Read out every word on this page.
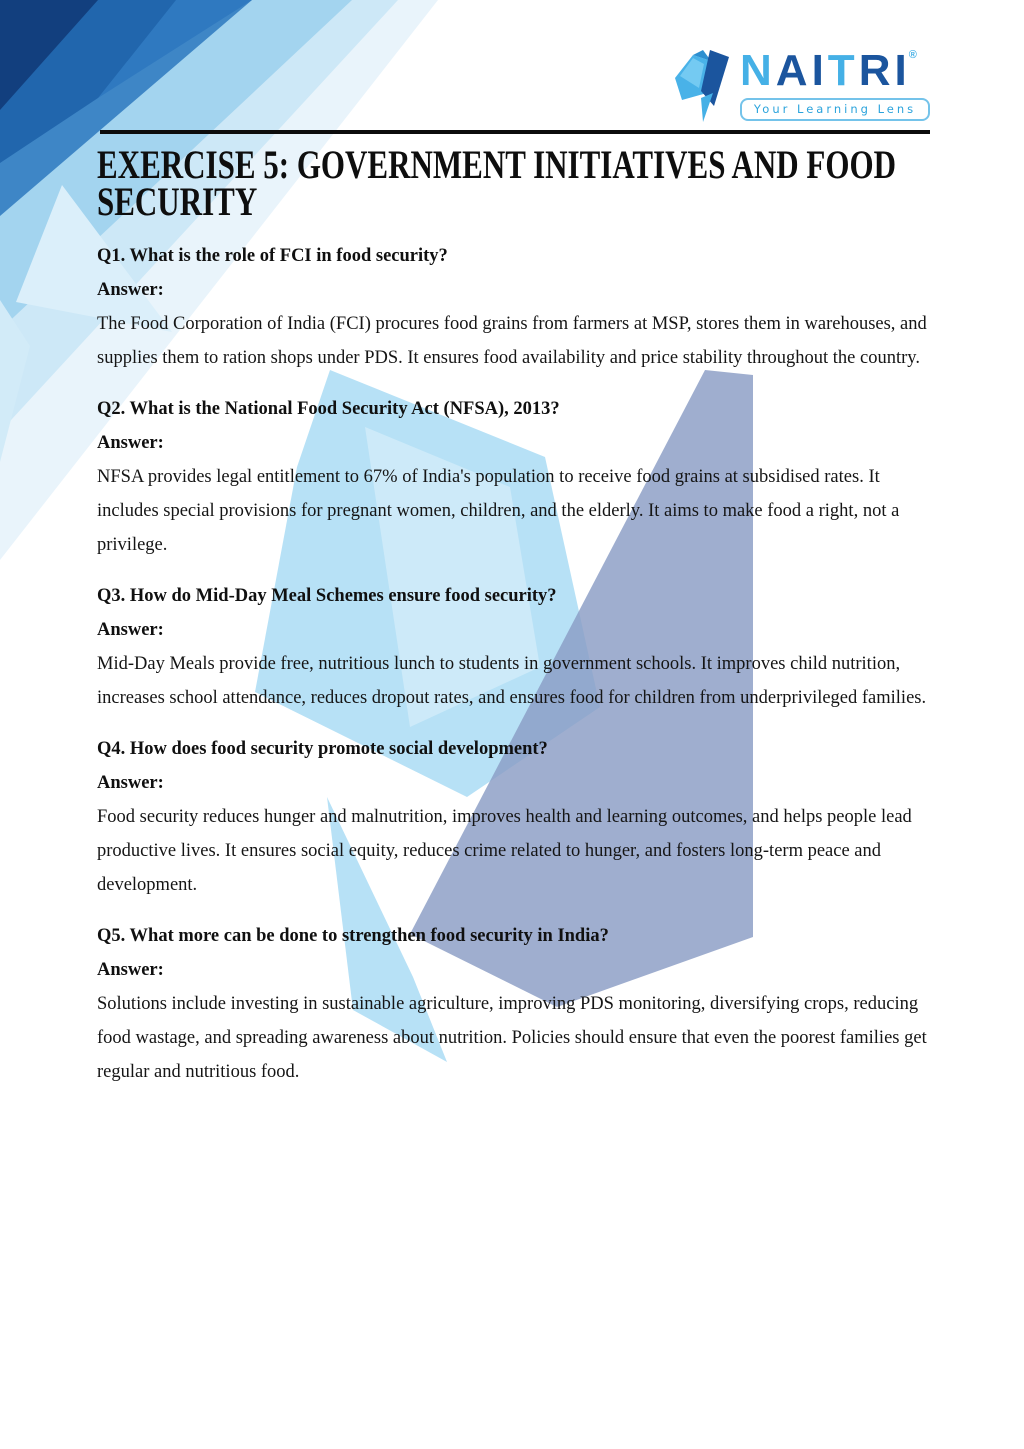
NAITRI
®
Your Learning Lens
EXERCISE 5: GOVERNMENT INITIATIVES AND FOOD SECURITY
Q1. What is the role of FCI in food security?
Answer:

The Food Corporation of India (FCI) procures food grains from farmers at MSP, stores them in warehouses, and supplies them to ration shops under PDS. It ensures food availability and price stability throughout the country.

Q2. What is the National Food Security Act (NFSA), 2013?
Answer:

NFSA provides legal entitlement to 67% of India's population to receive food grains at subsidised rates. It includes special provisions for pregnant women, children, and the elderly. It aims to make food a right, not a privilege.

Q3. How do Mid-Day Meal Schemes ensure food security?
Answer:

Mid-Day Meals provide free, nutritious lunch to students in government schools. It improves child nutrition, increases school attendance, reduces dropout rates, and ensures food for children from underprivileged families.

Q4. How does food security promote social development?
Answer:

Food security reduces hunger and malnutrition, improves health and learning outcomes, and helps people lead productive lives. It ensures social equity, reduces crime related to hunger, and fosters long-term peace and development.

Q5. What more can be done to strengthen food security in India?
Answer:

Solutions include investing in sustainable agriculture, improving PDS monitoring, diversifying crops, reducing food wastage, and spreading awareness about nutrition. Policies should ensure that even the poorest families get regular and nutritious food.
